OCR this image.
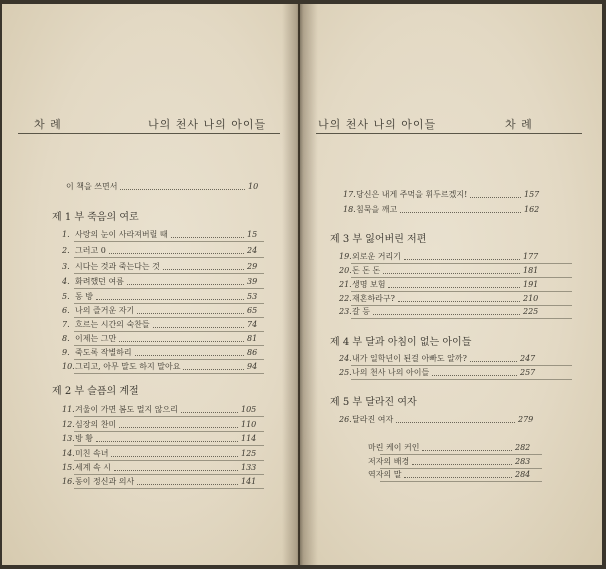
차 례	나의 천사 나의 아이들	나의 천사 나의 아이들	차 례
이 책을 쓰면서	10
제 1 부 죽음의 여로
1. 사랑의 눈이 사라져버릴 때	15
2. 그러고 0	24
3. 시다는 것과 죽는다는 것	29
4. 화려했던 여름	39
5. 동 방	53
6. 나의 즐거운 자기	65
7. 흐르는 시간의 숙찬들	74
8. 이제는 그만	81
9. 죽도록 작별하리	86
10.그리고, 아무 말도 하지 말아요	94
제 2 부 슬픔의 계절
11.겨울이 가면 봄도 멀지 않으리	105
12.심장의 찬미	110
13.방 황	114
14.미친 속녀	125
15.세계 속 시	133
16.동이 정신과 의사	141
17.당신은 내게 주먹을 휘두르겠지!	157
18.침묵을 깨고	162
제 3 부 잃어버린 저편
19.외로운 거리기	177
20.돈 돈 돈	181
21.생명 보험	191
22.재혼하라구?	210
23.갈 등	225
제 4 부 달과 아침이 없는 아이들
24.내가 일학년이 된걸 아빠도 알까?	247
25.나의 천사 나의 아이들	257
제 5 부 달라진 여자
26.달라진 여자	279
마린 케이 커인	282
저자의 배경	283
역자의 말	284
